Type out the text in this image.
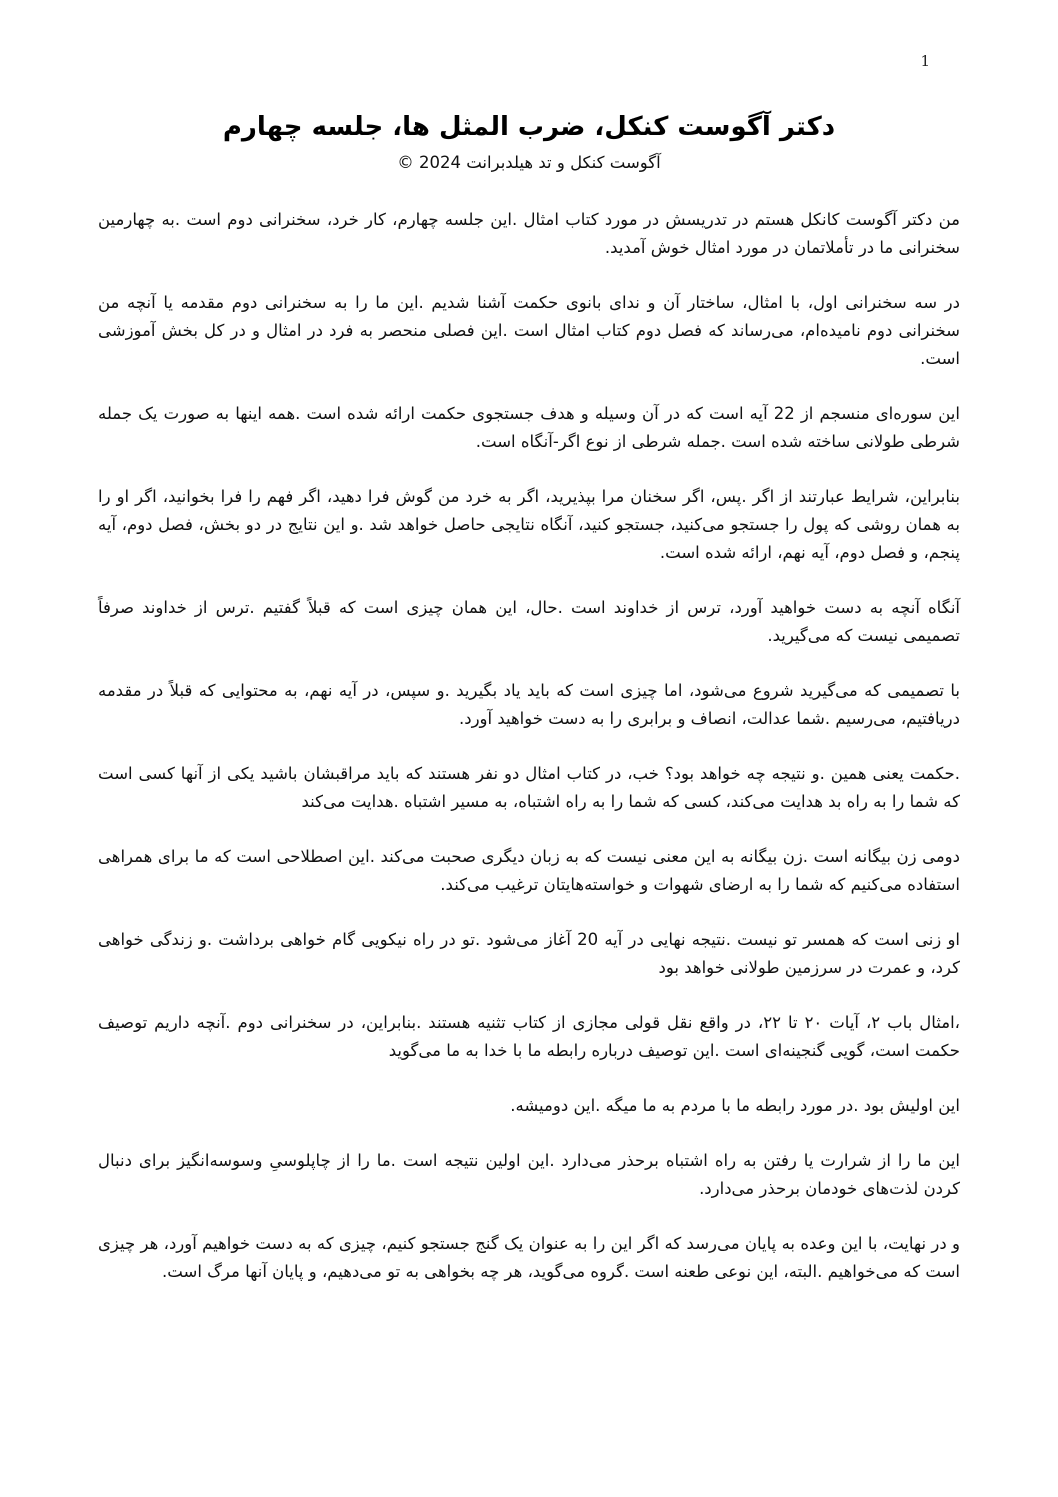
1
دکتر آگوست کنکل، ضرب المثل ها، جلسه چهارم
آگوست کنکل و تد هیلدبرانت 2024 ©

من دکتر آگوست کانکل هستم در تدریسش در مورد کتاب امثال .این جلسه چهارم، کار خرد، سخنرانی دوم است .به چهارمین سخنرانی ما در تأملاتمان در مورد امثال خوش آمدید.

در سه سخنرانی اول، با امثال، ساختار آن و ندای بانوی حکمت آشنا شدیم .این ما را به سخنرانی دوم مقدمه یا آنچه من سخنرانی دوم نامیده‌ام، می‌رساند که فصل دوم کتاب امثال است .این فصلی منحصر به فرد در امثال و در کل بخش آموزشی است.

این سوره‌ای منسجم از 22 آیه است که در آن وسیله و هدف جستجوی حکمت ارائه شده است .همه اینها به صورت یک جمله شرطی طولانی ساخته شده است .جمله شرطی از نوع اگر-آنگاه است.

بنابراین، شرایط عبارتند از اگر .پس، اگر سخنان مرا بپذیرید، اگر به خرد من گوش فرا دهید، اگر فهم را فرا بخوانید، اگر او را به همان روشی که پول را جستجو می‌کنید، جستجو کنید، آنگاه نتایجی حاصل خواهد شد .و این نتایج در دو بخش، فصل دوم، آیه پنجم، و فصل دوم، آیه نهم، ارائه شده است.

آنگاه آنچه به دست خواهید آورد، ترس از خداوند است .حال، این همان چیزی است که قبلاً گفتیم .ترس از خداوند صرفاً تصمیمی نیست که می‌گیرید.

با تصمیمی که می‌گیرید شروع می‌شود، اما چیزی است که باید یاد بگیرید .و سپس، در آیه نهم، به محتوایی که قبلاً در مقدمه دریافتیم، می‌رسیم .شما عدالت، انصاف و برابری را به دست خواهید آورد.

.حکمت یعنی همین .و نتیجه چه خواهد بود؟ خب، در کتاب امثال دو نفر هستند که باید مراقبشان باشید یکی از آنها کسی است که شما را به راه بد هدایت می‌کند، کسی که شما را به راه اشتباه، به مسیر اشتباه .هدایت می‌کند

دومی زن بیگانه است .زن بیگانه به این معنی نیست که به زبان دیگری صحبت می‌کند .این اصطلاحی است که ما برای همراهی استفاده می‌کنیم که شما را به ارضای شهوات و خواسته‌هایتان ترغیب می‌کند.

او زنی است که همسر تو نیست .نتیجه نهایی در آیه 20 آغاز می‌شود .تو در راه نیکویی گام خواهی برداشت .و زندگی خواهی کرد، و عمرت در سرزمین طولانی خواهد بود

،امثال باب ۲، آیات ۲۰ تا ۲۲، در واقع نقل قولی مجازی از کتاب تثنیه هستند .بنابراین، در سخنرانی دوم .آنچه داریم توصیف حکمت است، گویی گنجینه‌ای است .این توصیف درباره رابطه ما با خدا به ما می‌گوید

این اولیش بود .در مورد رابطه ما با مردم به ما میگه .این دومیشه.

این ما را از شرارت یا رفتن به راه اشتباه برحذر می‌دارد .این اولین نتیجه است .ما را از چاپلوسیِ وسوسه‌انگیز برای دنبال کردن لذت‌های خودمان برحذر می‌دارد.

و در نهایت، با این وعده به پایان می‌رسد که اگر این را به عنوان یک گنج جستجو کنیم، چیزی که به دست خواهیم آورد، هر چیزی است که می‌خواهیم .البته، این نوعی طعنه است .گروه می‌گوید، هر چه بخواهی به تو می‌دهیم، و پایان آنها مرگ است.
